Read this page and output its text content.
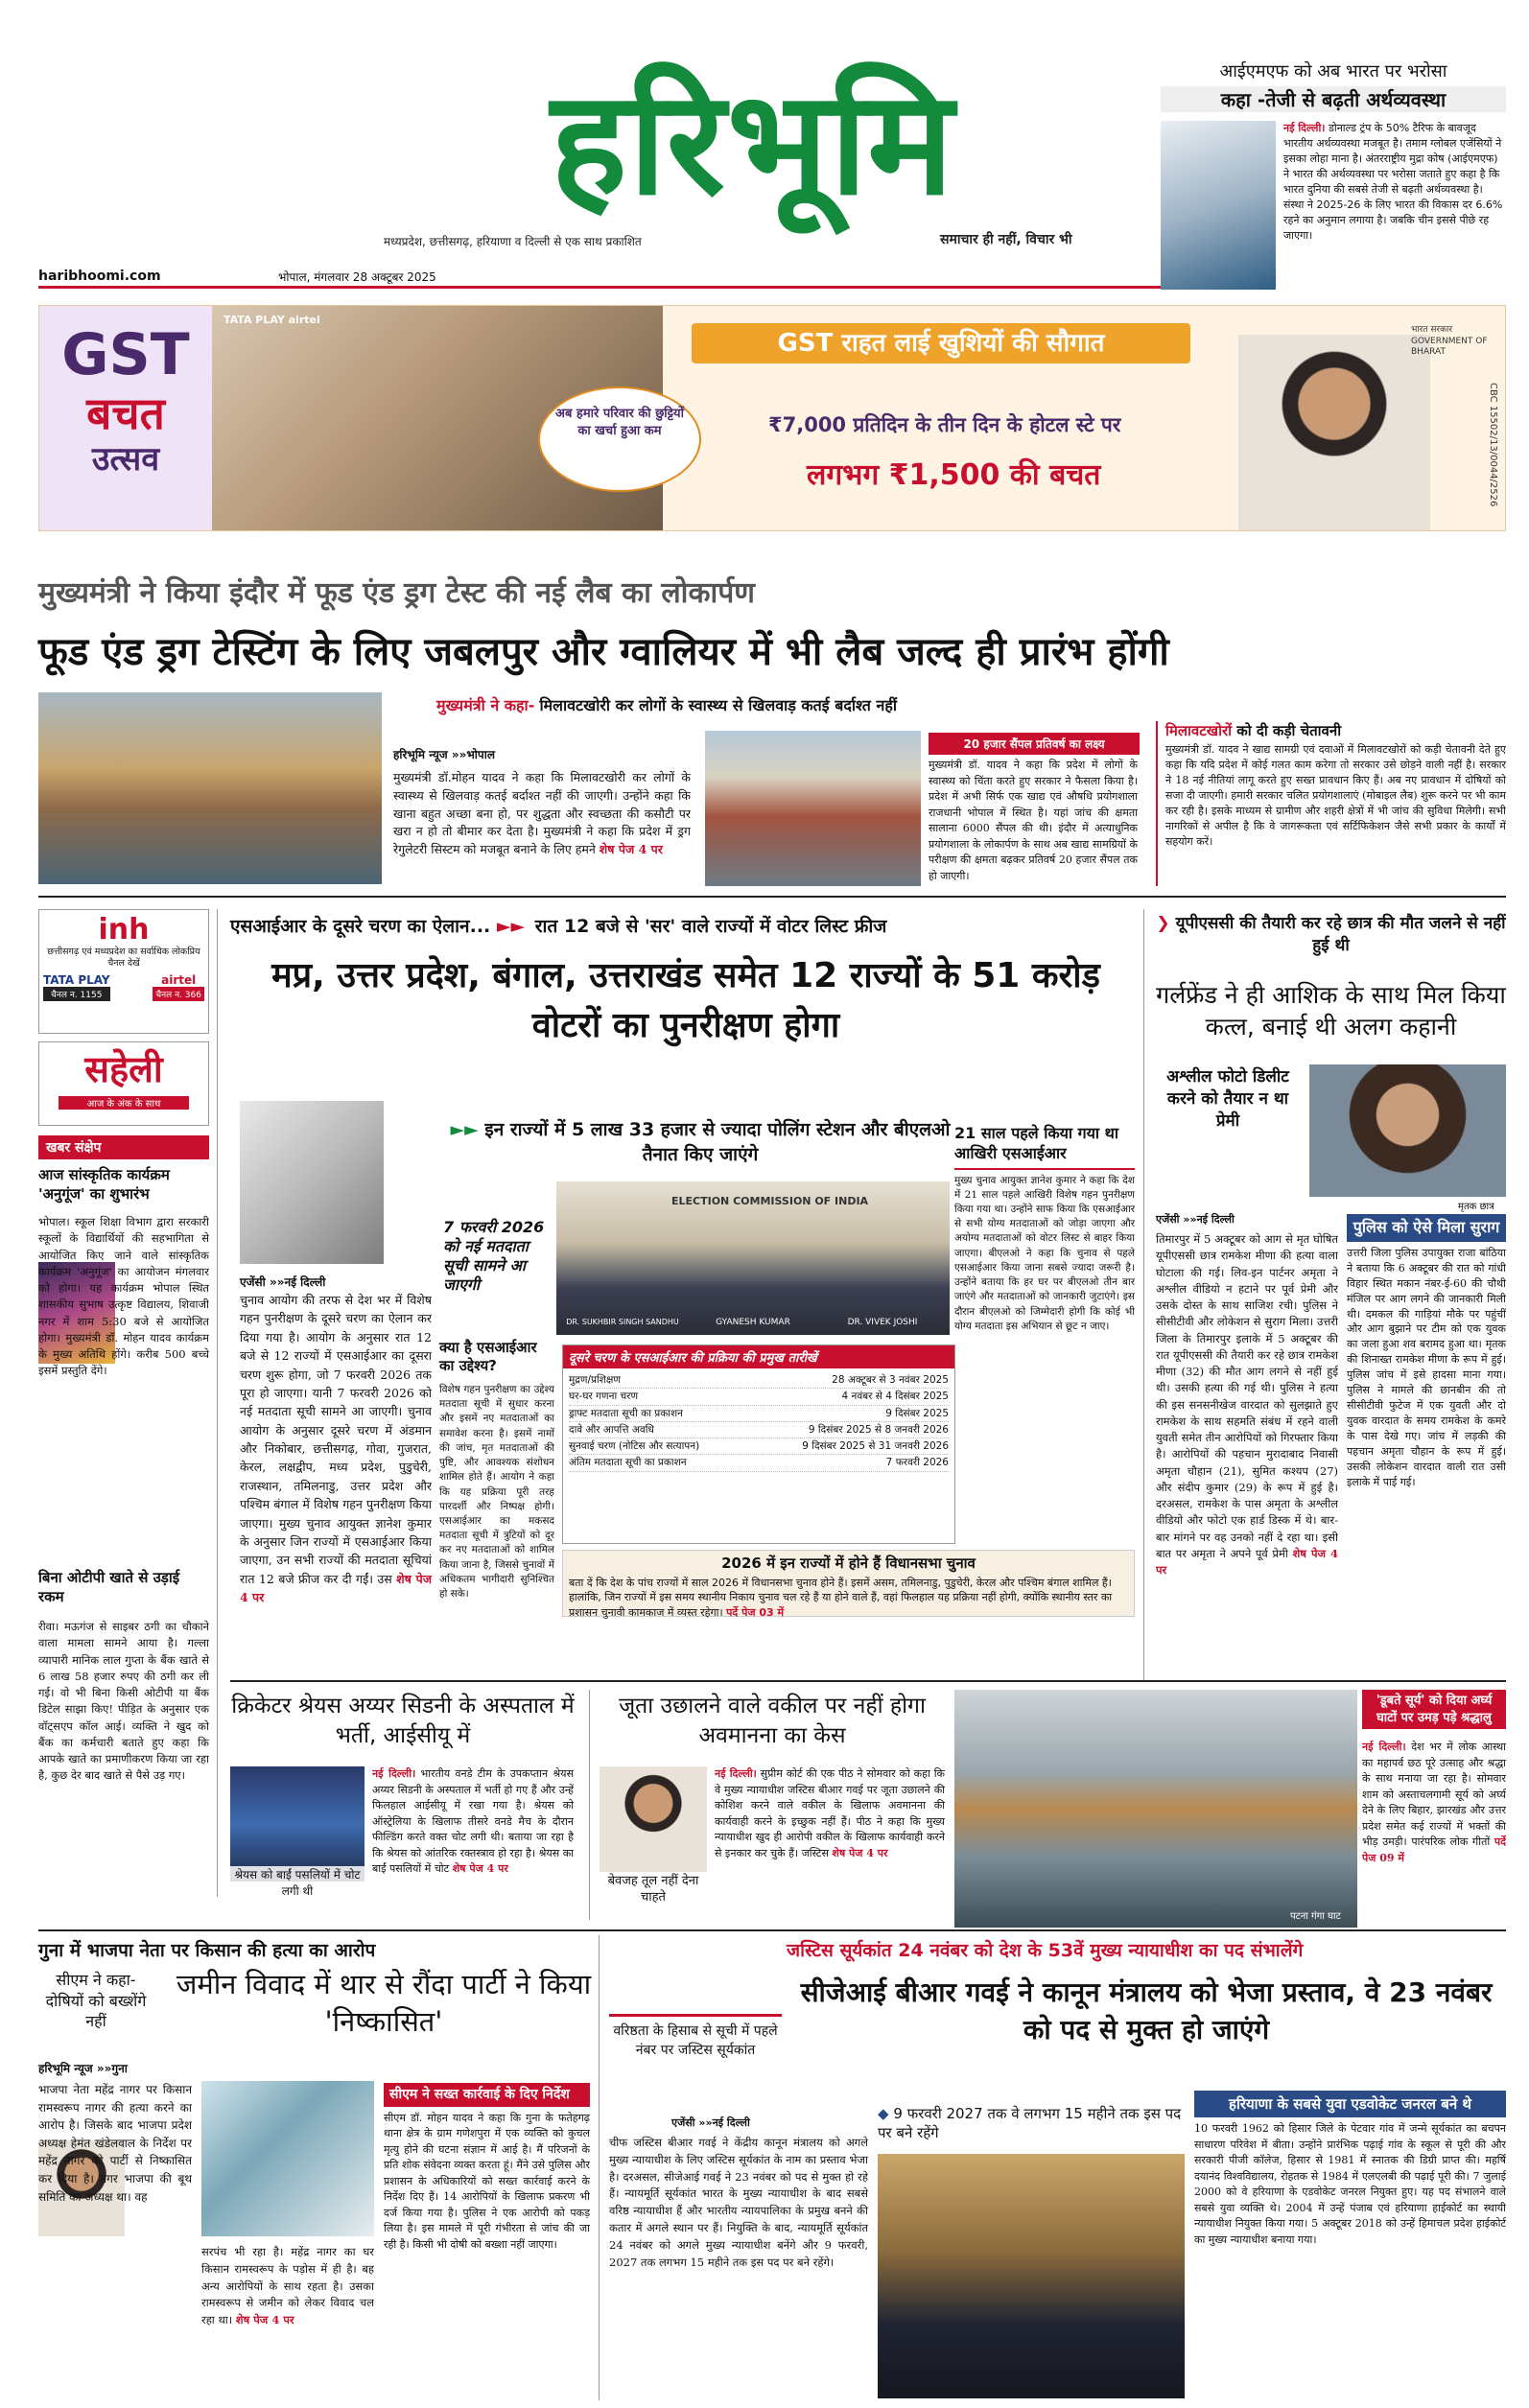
हरिभूमि
मध्यप्रदेश, छत्तीसगढ़, हरियाणा व दिल्ली से एक साथ प्रकाशित	समाचार ही नहीं, विचार भी
haribhoomi.com	भोपाल, मंगलवार 28 अक्टूबर 2025
आईएमएफ को अब भारत पर भरोसा
कहा -तेजी से बढ़ती अर्थव्यवस्था
नई दिल्ली। डोनाल्ड ट्रंप के 50% टैरिफ के बावजूद भारतीय अर्थव्यवस्था मजबूत है। तमाम ग्लोबल एजेंसियों ने इसका लोहा माना है। अंतरराष्ट्रीय मुद्रा कोष (आईएमएफ) ने भारत की अर्थव्यवस्था पर भरोसा जताते हुए कहा है कि भारत दुनिया की सबसे तेजी से बढ़ती अर्थव्यवस्था है। संस्था ने 2025-26 के लिए भारत की विकास दर 6.6% रहने का अनुमान लगाया है। जबकि चीन इससे पीछे रह जाएगा।
GST
बचत
उत्सव
TATA PLAY airtel
अब हमारे परिवार की छुट्टियों का खर्चा हुआ कम
GST राहत लाई खुशियों की सौगात
₹7,000 प्रतिदिन के तीन दिन के होटल स्टे पर
लगभग ₹1,500 की बचत
भारत सरकार GOVERNMENT OF BHARAT
CBC 15502/13/0044/2526
मुख्यमंत्री ने किया इंदौर में फूड एंड ड्रग टेस्ट की नई लैब का लोकार्पण
फूड एंड ड्रग टेस्टिंग के लिए जबलपुर और ग्वालियर में भी लैब जल्द ही प्रारंभ होंगी
मुख्यमंत्री ने कहा- मिलावटखोरी कर लोगों के स्वास्थ्य से खिलवाड़ कतई बर्दाश्त नहीं
हरिभूमि न्यूज »»भोपाल
मुख्यमंत्री डॉ.मोहन यादव ने कहा कि मिलावटखोरी कर लोगों के स्वास्थ्य से खिलवाड़ कतई बर्दाश्त नहीं की जाएगी। उन्होंने कहा कि खाना बहुत अच्छा बना हो, पर शुद्धता और स्वच्छता की कसौटी पर खरा न हो तो बीमार कर देता है। मुख्यमंत्री ने कहा कि प्रदेश में ड्रग रेगुलेटरी सिस्टम को मजबूत बनाने के लिए हमने शेष पेज 4 पर
20 हजार सैंपल प्रतिवर्ष का लक्ष्य
मुख्यमंत्री डॉ. यादव ने कहा कि प्रदेश में लोगों के स्वास्थ्य को चिंता करते हुए सरकार ने फैसला किया है। प्रदेश में अभी सिर्फ एक खाद्य एवं औषधि प्रयोगशाला राजधानी भोपाल में स्थित है। यहां जांच की क्षमता सालाना 6000 सैंपल की थी। इंदौर में अत्याधुनिक प्रयोगशाला के लोकार्पण के साथ अब खाद्य सामग्रियों के परीक्षण की क्षमता बढ़कर प्रतिवर्ष 20 हजार सैंपल तक हो जाएगी।
मिलावटखोरों को दी कड़ी चेतावनी
मुख्यमंत्री डॉ. यादव ने खाद्य सामग्री एवं दवाओं में मिलावटखोरों को कड़ी चेतावनी देते हुए कहा कि यदि प्रदेश में कोई गलत काम करेगा तो सरकार उसे छोड़ने वाली नहीं है। सरकार ने 18 नई नीतियां लागू करते हुए सख्त प्रावधान किए हैं। अब नए प्रावधान में दोषियों को सजा दी जाएगी। हमारी सरकार चलित प्रयोगशालाएं (मोबाइल लैब) शुरू करने पर भी काम कर रही है। इसके माध्यम से ग्रामीण और शहरी क्षेत्रों में भी जांच की सुविधा मिलेगी। सभी नागरिकों से अपील है कि वे जागरूकता एवं सर्टिफिकेशन जैसे सभी प्रकार के कार्यों में सहयोग करें।
inh
छत्तीसगढ़ एवं मध्यप्रदेश का सर्वाधिक लोकप्रिय चैनल देखें
TATA PLAY
चैनल न. 1155
airtel
चैनल न. 366
सहेली
आज के अंक के साथ
खबर संक्षेप
आज सांस्कृतिक कार्यक्रम 'अनुगूंज' का शुभारंभ
भोपाल। स्कूल शिक्षा विभाग द्वारा सरकारी स्कूलों के विद्यार्थियों की सहभागिता से आयोजित किए जाने वाले सांस्कृतिक कार्यक्रम 'अनुगूंज' का आयोजन मंगलवार को होगा। यह कार्यक्रम भोपाल स्थित शासकीय सुभाष उत्कृष्ट विद्यालय, शिवाजी नगर में शाम 5:30 बजे से आयोजित होगा। मुख्यमंत्री डॉ. मोहन यादव कार्यक्रम के मुख्य अतिथि होंगे। करीब 500 बच्चे इसमें प्रस्तुति देंगे।
बिना ओटीपी खाते से उड़ाई रकम
रीवा। मऊगंज से साइबर ठगी का चौकाने वाला मामला सामने आया है। गल्ला व्यापारी मानिक लाल गुप्ता के बैंक खाते से 6 लाख 58 हजार रुपए की ठगी कर ली गई। वो भी बिना किसी ओटीपी या बैंक डिटेल साझा किए! पीड़ित के अनुसार एक वॉट्सएप कॉल आई। व्यक्ति ने खुद को बैंक का कर्मचारी बताते हुए कहा कि आपके खाते का प्रमाणीकरण किया जा रहा है, कुछ देर बाद खाते से पैसे उड़ गए।
एसआईआर के दूसरे चरण का ऐलान... ►► रात 12 बजे से 'सर' वाले राज्यों में वोटर लिस्ट फ्रीज
मप्र, उत्तर प्रदेश, बंगाल, उत्तराखंड समेत 12 राज्यों के 51 करोड़ वोटरों का पुनरीक्षण होगा
►► इन राज्यों में 5 लाख 33 हजार से ज्यादा पोलिंग स्टेशन और बीएलओ तैनात किए जाएंगे
एजेंसी »»नई दिल्ली
चुनाव आयोग की तरफ से देश भर में विशेष गहन पुनरीक्षण के दूसरे चरण का ऐलान कर दिया गया है। आयोग के अनुसार रात 12 बजे से 12 राज्यों में एसआईआर का दूसरा चरण शुरू होगा, जो 7 फरवरी 2026 तक पूरा हो जाएगा। यानी 7 फरवरी 2026 को नई मतदाता सूची सामने आ जाएगी। चुनाव आयोग के अनुसार दूसरे चरण में अंडमान और निकोबार, छत्तीसगढ़, गोवा, गुजरात, केरल, लक्षद्वीप, मध्य प्रदेश, पुडुचेरी, राजस्थान, तमिलनाडु, उत्तर प्रदेश और पश्चिम बंगाल में विशेष गहन पुनरीक्षण किया जाएगा। मुख्य चुनाव आयुक्त ज्ञानेश कुमार के अनुसार जिन राज्यों में एसआईआर किया जाएगा, उन सभी राज्यों की मतदाता सूचियां रात 12 बजे फ्रीज कर दी गईं। उस शेष पेज 4 पर
7 फरवरी 2026 को नई मतदाता सूची सामने आ जाएगी
ELECTION COMMISSION OF INDIA
DR. SUKHBIR SINGH SANDHU	GYANESH KUMAR	DR. VIVEK JOSHI
क्या है एसआईआर का उद्देश्य?
विशेष गहन पुनरीक्षण का उद्देश्य मतदाता सूची में सुधार करना और इसमें नए मतदाताओं का समावेश करना है। इसमें नामों की जांच, मृत मतदाताओं की पुष्टि, और आवश्यक संशोधन शामिल होते हैं। आयोग ने कहा कि यह प्रक्रिया पूरी तरह पारदर्शी और निष्पक्ष होगी। एसआईआर का मकसद मतदाता सूची में त्रुटियों को दूर कर नए मतदाताओं को शामिल किया जाना है, जिससे चुनावों में अधिकतम भागीदारी सुनिश्चित हो सके।
21 साल पहले किया गया था आखिरी एसआईआर
मुख्य चुनाव आयुक्त ज्ञानेश कुमार ने कहा कि देश में 21 साल पहले आखिरी विशेष गहन पुनरीक्षण किया गया था। उन्होंने साफ किया कि एसआईआर से सभी योग्य मतदाताओं को जोड़ा जाएगा और अयोग्य मतदाताओं को वोटर लिस्ट से बाहर किया जाएगा। बीएलओ ने कहा कि चुनाव से पहले एसआईआर किया जाना सबसे ज्यादा जरूरी है। उन्होंने बताया कि हर घर पर बीएलओ तीन बार जाएंगे और मतदाताओं को जानकारी जुटाएंगे। इस दौरान बीएलओ को जिम्मेदारी होगी कि कोई भी योग्य मतदाता इस अभियान से छूट न जाए।
दूसरे चरण के एसआईआर की प्रक्रिया की प्रमुख तारीखें
मुद्रण/प्रशिक्षण	28 अक्टूबर से 3 नवंबर 2025
घर-घर गणना चरण	4 नवंबर से 4 दिसंबर 2025
ड्राफ्ट मतदाता सूची का प्रकाशन	9 दिसंबर 2025
दावे और आपत्ति अवधि	9 दिसंबर 2025 से 8 जनवरी 2026
सुनवाई चरण (नोटिस और सत्यापन)	9 दिसंबर 2025 से 31 जनवरी 2026
अंतिम मतदाता सूची का प्रकाशन	7 फरवरी 2026
2026 में इन राज्यों में होने हैं विधानसभा चुनाव
बता दें कि देश के पांच राज्यों में साल 2026 में विधानसभा चुनाव होने हैं। इसमें असम, तमिलनाडु, पुडुचेरी, केरल और पश्चिम बंगाल शामिल हैं। हालांकि, जिन राज्यों में इस समय स्थानीय निकाय चुनाव चल रहे हैं या होने वाले हैं, वहां फिलहाल यह प्रक्रिया नहीं होगी, क्योंकि स्थानीय स्तर का प्रशासन चुनावी कामकाज में व्यस्त रहेगा। पर्दे पेज 03 में
❯ यूपीएससी की तैयारी कर रहे छात्र की मौत जलने से नहीं हुई थी
गर्लफ्रेंड ने ही आशिक के साथ मिल किया कत्ल, बनाई थी अलग कहानी
अश्लील फोटो डिलीट करने को तैयार न था प्रेमी
मृतक छात्र
एजेंसी »»नई दिल्ली
तिमारपुर में 5 अक्टूबर को आग से मृत घोषित यूपीएससी छात्र रामकेश मीणा की हत्या वाला घोटाला की गई। लिव-इन पार्टनर अमृता ने अश्लील वीडियो न हटाने पर पूर्व प्रेमी और उसके दोस्त के साथ साजिश रची। पुलिस ने सीसीटीवी और लोकेशन से सुराग मिला। उत्तरी जिला के तिमारपुर इलाके में 5 अक्टूबर की रात यूपीएससी की तैयारी कर रहे छात्र रामकेश मीणा (32) की मौत आग लगने से नहीं हुई थी। उसकी हत्या की गई थी। पुलिस ने हत्या की इस सनसनीखेज वारदात को सुलझाते हुए रामकेश के साथ सहमति संबंध में रहने वाली युवती समेत तीन आरोपियों को गिरफ्तार किया है। आरोपियों की पहचान मुरादाबाद निवासी अमृता चौहान (21), सुमित कश्यप (27) और संदीप कुमार (29) के रूप में हुई है। दरअसल, रामकेश के पास अमृता के अश्लील वीडियो और फोटो एक हार्ड डिस्क में थे। बार-बार मांगने पर वह उनको नहीं दे रहा था। इसी बात पर अमृता ने अपने पूर्व प्रेमी शेष पेज 4 पर
पुलिस को ऐसे मिला सुराग
उत्तरी जिला पुलिस उपायुक्त राजा बांठिया ने बताया कि 6 अक्टूबर की रात को गांधी विहार स्थित मकान नंबर-ई-60 की चौथी मंजिल पर आग लगने की जानकारी मिली थी। दमकल की गाड़ियां मौके पर पहुंचीं और आग बुझाने पर टीम को एक युवक का जला हुआ शव बरामद हुआ था। मृतक की शिनाख्त रामकेश मीणा के रूप में हुई। पुलिस जांच में इसे हादसा माना गया। पुलिस ने मामले की छानबीन की तो सीसीटीवी फुटेज में एक युवती और दो युवक वारदात के समय रामकेश के कमरे के पास देखे गए। जांच में लड़की की पहचान अमृता चौहान के रूप में हुई। उसकी लोकेशन वारदात वाली रात उसी इलाके में पाई गई।
क्रिकेटर श्रेयस अय्यर सिडनी के अस्पताल में भर्ती, आईसीयू में
श्रेयस को बाईं पसलियों में चोट लगी थी
नई दिल्ली। भारतीय वनडे टीम के उपकप्तान श्रेयस अय्यर सिडनी के अस्पताल में भर्ती हो गए हैं और उन्हें फिलहाल आईसीयू में रखा गया है। श्रेयस को ऑस्ट्रेलिया के खिलाफ तीसरे वनडे मैच के दौरान फील्डिंग करते वक्त चोट लगी थी। बताया जा रहा है कि श्रेयस को आंतरिक रक्तस्त्राव हो रहा है। श्रेयस का बाईं पसलियों में चोट शेष पेज 4 पर
जूता उछालने वाले वकील पर नहीं होगा अवमानना का केस
बेवजह तूल नहीं देना चाहते
नई दिल्ली। सुप्रीम कोर्ट की एक पीठ ने सोमवार को कहा कि वे मुख्य न्यायाधीश जस्टिस बीआर गवई पर जूता उछालने की कोशिश करने वाले वकील के खिलाफ अवमानना की कार्यवाही करने के इच्छुक नहीं हैं। पीठ ने कहा कि मुख्य न्यायाधीश खुद ही आरोपी वकील के खिलाफ कार्यवाही करने से इनकार कर चुके हैं। जस्टिस शेष पेज 4 पर
पटना गंगा घाट
'डूबते सूर्य' को दिया अर्घ्य घाटों पर उमड़ पड़े श्रद्धालु
नई दिल्ली। देश भर में लोक आस्था का महापर्व छठ पूरे उत्साह और श्रद्धा के साथ मनाया जा रहा है। सोमवार शाम को अस्ताचलगामी सूर्य को अर्घ्य देने के लिए बिहार, झारखंड और उत्तर प्रदेश समेत कई राज्यों में भक्तों की भीड़ उमड़ी। पारंपरिक लोक गीतों पर्दे पेज 09 में
गुना में भाजपा नेता पर किसान की हत्या का आरोप
सीएम ने कहा- दोषियों को बख्शेंगे नहीं
जमीन विवाद में थार से रौंदा पार्टी ने किया 'निष्कासित'
हरिभूमि न्यूज »»गुना
भाजपा नेता महेंद्र नागर पर किसान रामस्वरूप नागर की हत्या करने का आरोप है। जिसके बाद भाजपा प्रदेश अध्यक्ष हेमंत खंडेलवाल के निर्देश पर महेंद्र नागर को पार्टी से निष्कासित कर दिया है। नगर भाजपा की बूथ समिति का अध्यक्ष था। वह
सरपंच भी रहा है। महेंद्र नागर का घर किसान रामस्वरूप के पड़ोस में ही है। बह अन्य आरोपियों के साथ रहता है। उसका रामस्वरूप से जमीन को लेकर विवाद चल रहा था। शेष पेज 4 पर
सीएम ने सख्त कार्रवाई के दिए निर्देश
सीएम डॉ. मोहन यादव ने कहा कि गुना के फतेहगढ़ थाना क्षेत्र के ग्राम गणेशपुरा में एक व्यक्ति को कुचल मृत्यु होने की घटना संज्ञान में आई है। मैं परिजनों के प्रति शोक संवेदना व्यक्त करता हूं। मैंने उसे पुलिस और प्रशासन के अधिकारियों को सख्त कार्रवाई करने के निर्देश दिए हैं। 14 आरोपियों के खिलाफ प्रकरण भी दर्ज किया गया है। पुलिस ने एक आरोपी को पकड़ लिया है। इस मामले में पूरी गंभीरता से जांच की जा रही है। किसी भी दोषी को बख्शा नहीं जाएगा।
जस्टिस सूर्यकांत 24 नवंबर को देश के 53वें मुख्य न्यायाधीश का पद संभालेंगे
वरिष्ठता के हिसाब से सूची में पहले नंबर पर जस्टिस सूर्यकांत
सीजेआई बीआर गवई ने कानून मंत्रालय को भेजा प्रस्ताव, वे 23 नवंबर को पद से मुक्त हो जाएंगे
एजेंसी »»नई दिल्ली
चीफ जस्टिस बीआर गवई ने केंद्रीय कानून मंत्रालय को अगले मुख्य न्यायाधीश के लिए जस्टिस सूर्यकांत के नाम का प्रस्ताव भेजा है। दरअसल, सीजेआई गवई ने 23 नवंबर को पद से मुक्त हो रहे हैं। न्यायमूर्ति सूर्यकांत भारत के मुख्य न्यायाधीश के बाद सबसे वरिष्ठ न्यायाधीश हैं और भारतीय न्यायपालिका के प्रमुख बनने की कतार में अगले स्थान पर हैं। नियुक्ति के बाद, न्यायमूर्ति सूर्यकांत 24 नवंबर को अगले मुख्य न्यायाधीश बनेंगे और 9 फरवरी, 2027 तक लगभग 15 महीने तक इस पद पर बने रहेंगे।
◆ 9 फरवरी 2027 तक वे लगभग 15 महीने तक इस पद पर बने रहेंगे
हरियाणा के सबसे युवा एडवोकेट जनरल बने थे
10 फरवरी 1962 को हिसार जिले के पेटवार गांव में जन्मे सूर्यकांत का बचपन साधारण परिवेश में बीता। उन्होंने प्रारंभिक पढ़ाई गांव के स्कूल से पूरी की और सरकारी पीजी कॉलेज, हिसार से 1981 में स्नातक की डिग्री प्राप्त की। महर्षि दयानंद विश्वविद्यालय, रोहतक से 1984 में एलएलबी की पढ़ाई पूरी की। 7 जुलाई 2000 को वे हरियाणा के एडवोकेट जनरल नियुक्त हुए। यह पद संभालने वाले सबसे युवा व्यक्ति थे। 2004 में उन्हें पंजाब एवं हरियाणा हाईकोर्ट का स्थायी न्यायाधीश नियुक्त किया गया। 5 अक्टूबर 2018 को उन्हें हिमाचल प्रदेश हाईकोर्ट का मुख्य न्यायाधीश बनाया गया।
